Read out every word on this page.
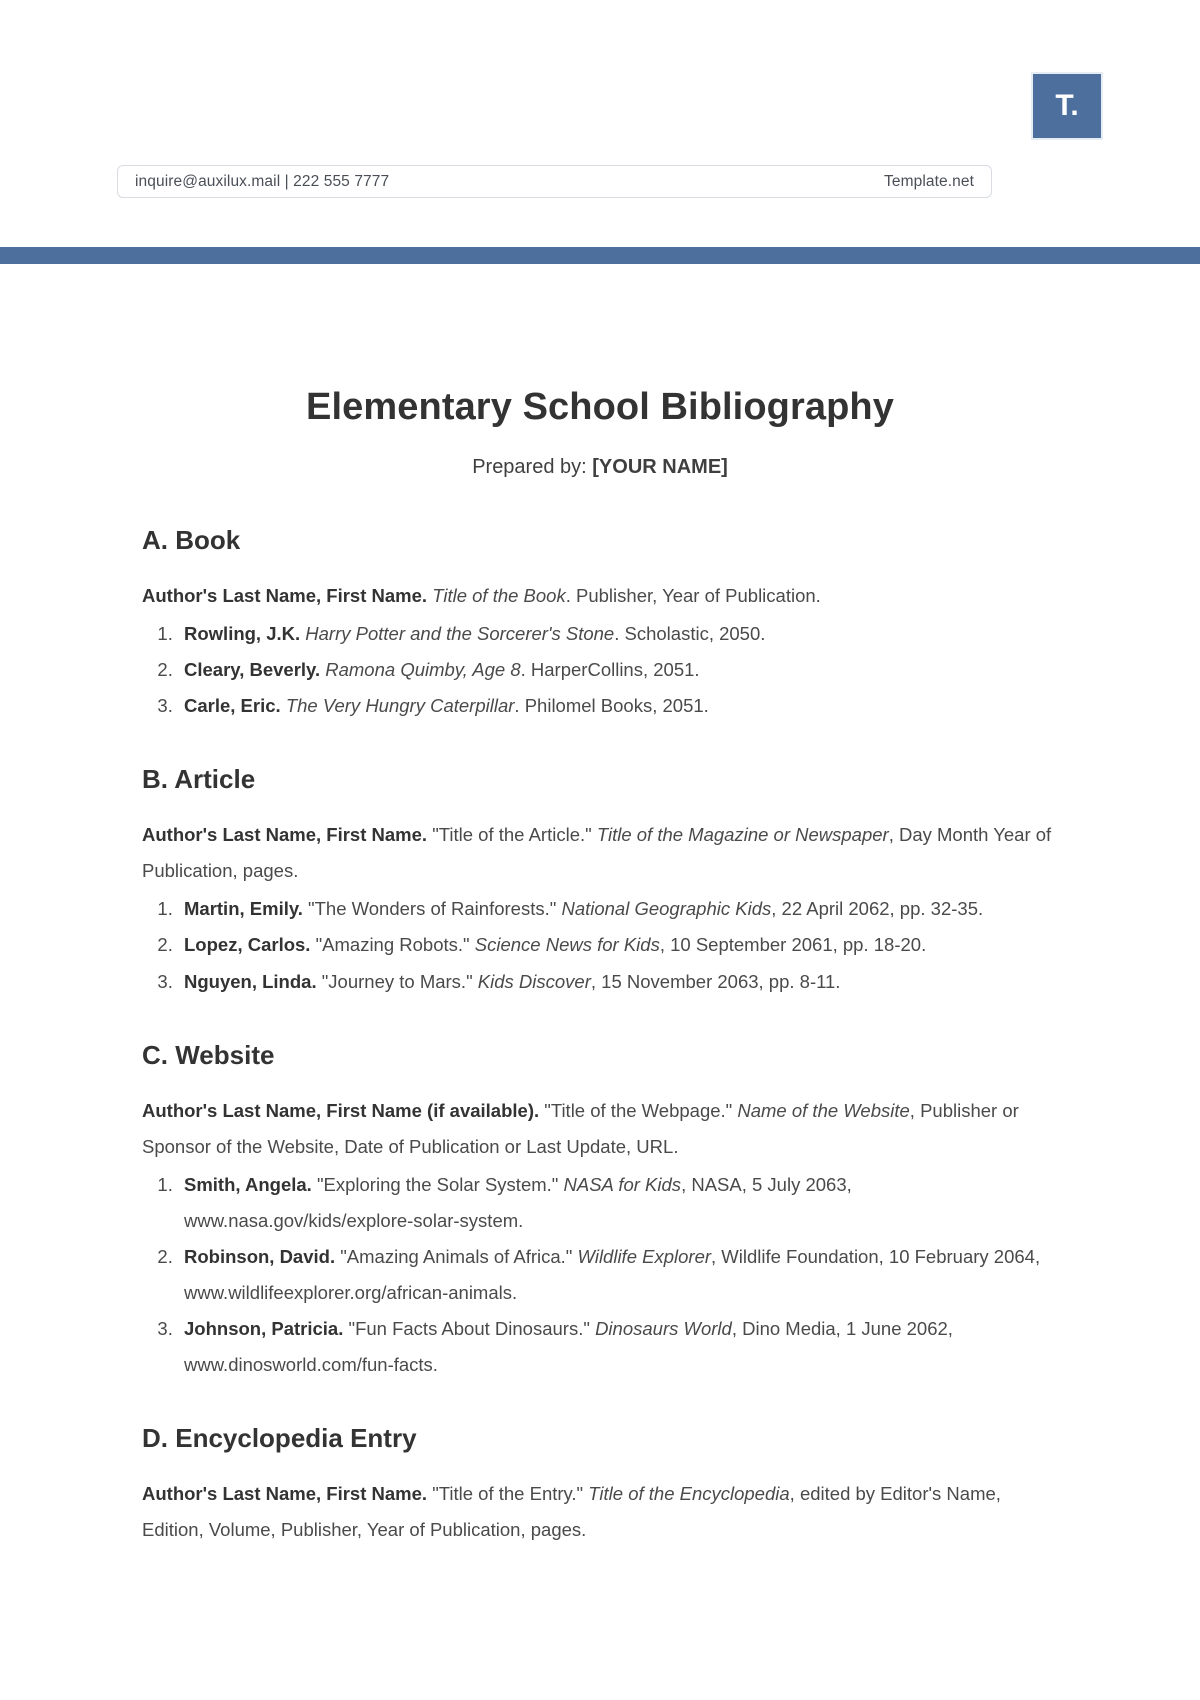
T.
inquire@auxilux.mail | 222 555 7777	Template.net
Elementary School Bibliography

Prepared by: [YOUR NAME]

A. Book

Author's Last Name, First Name. Title of the Book. Publisher, Year of Publication.

1. Rowling, J.K. Harry Potter and the Sorcerer's Stone. Scholastic, 2050.
2. Cleary, Beverly. Ramona Quimby, Age 8. HarperCollins, 2051.
3. Carle, Eric. The Very Hungry Caterpillar. Philomel Books, 2051.
B. Article

Author's Last Name, First Name. "Title of the Article." Title of the Magazine or Newspaper, Day Month Year of Publication, pages.

1. Martin, Emily. "The Wonders of Rainforests." National Geographic Kids, 22 April 2062, pp. 32-35.
2. Lopez, Carlos. "Amazing Robots." Science News for Kids, 10 September 2061, pp. 18-20.
3. Nguyen, Linda. "Journey to Mars." Kids Discover, 15 November 2063, pp. 8-11.
C. Website

Author's Last Name, First Name (if available). "Title of the Webpage." Name of the Website, Publisher or Sponsor of the Website, Date of Publication or Last Update, URL.

1. Smith, Angela. "Exploring the Solar System." NASA for Kids, NASA, 5 July 2063, www.nasa.gov/kids/explore-solar-system.
2. Robinson, David. "Amazing Animals of Africa." Wildlife Explorer, Wildlife Foundation, 10 February 2064, www.wildlifeexplorer.org/african-animals.
3. Johnson, Patricia. "Fun Facts About Dinosaurs." Dinosaurs World, Dino Media, 1 June 2062, www.dinosworld.com/fun-facts.
D. Encyclopedia Entry

Author's Last Name, First Name. "Title of the Entry." Title of the Encyclopedia, edited by Editor's Name, Edition, Volume, Publisher, Year of Publication, pages.
